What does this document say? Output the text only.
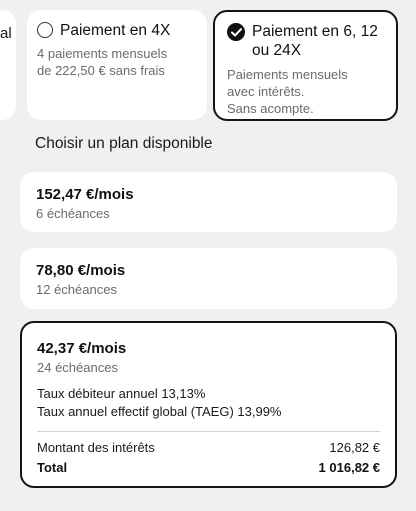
al	Paiement en 4X
4 paiements mensuels
de 222,50 € sans frais
Paiement en 6, 12
ou 24X
Paiements mensuels
avec intérêts.
Sans acompte.
Choisir un plan disponible
152,47 €/mois
6 échéances
78,80 €/mois
12 échéances
42,37 €/mois
24 échéances
Taux débiteur annuel 13,13%
Taux annuel effectif global (TAEG) 13,99%
Montant des intérêts	126,82 €
Total	1 016,82 €
